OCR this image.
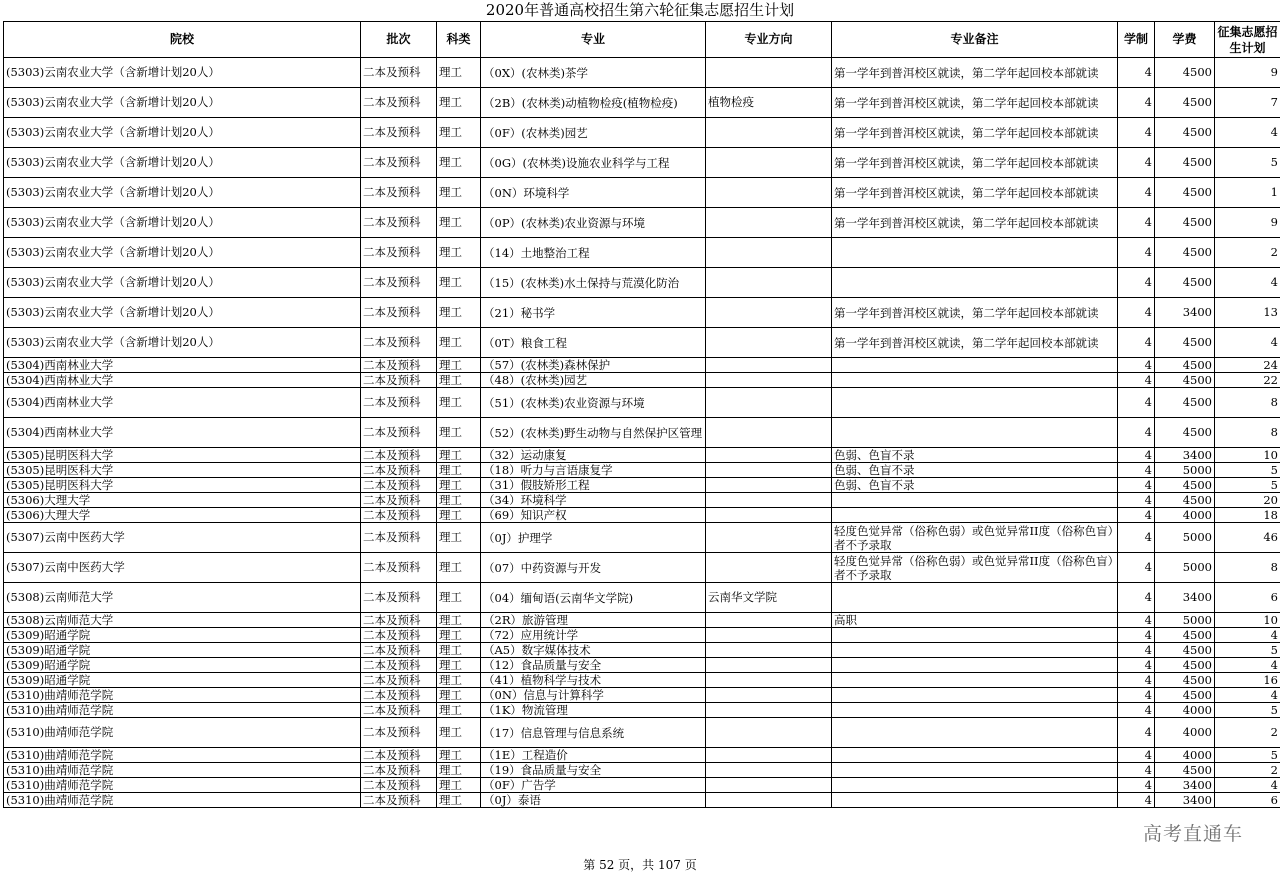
2020年普通高校招生第六轮征集志愿招生计划
院校	批次	科类	专业	专业方向	专业备注	学制	学费	征集志愿招生计划
(5303)云南农业大学（含新增计划20人）	二本及预科	理工	（0X）(农林类)茶学		第一学年到普洱校区就读，第二学年起回校本部就读	4	4500	9
(5303)云南农业大学（含新增计划20人）	二本及预科	理工	（2B）(农林类)动植物检疫(植物检疫)	植物检疫	第一学年到普洱校区就读，第二学年起回校本部就读	4	4500	7
(5303)云南农业大学（含新增计划20人）	二本及预科	理工	（0F）(农林类)园艺		第一学年到普洱校区就读，第二学年起回校本部就读	4	4500	4
(5303)云南农业大学（含新增计划20人）	二本及预科	理工	（0G）(农林类)设施农业科学与工程		第一学年到普洱校区就读，第二学年起回校本部就读	4	4500	5
(5303)云南农业大学（含新增计划20人）	二本及预科	理工	（0N）环境科学		第一学年到普洱校区就读，第二学年起回校本部就读	4	4500	1
(5303)云南农业大学（含新增计划20人）	二本及预科	理工	（0P）(农林类)农业资源与环境		第一学年到普洱校区就读，第二学年起回校本部就读	4	4500	9
(5303)云南农业大学（含新增计划20人）	二本及预科	理工	（14）土地整治工程			4	4500	2
(5303)云南农业大学（含新增计划20人）	二本及预科	理工	（15）(农林类)水土保持与荒漠化防治			4	4500	4
(5303)云南农业大学（含新增计划20人）	二本及预科	理工	（21）秘书学		第一学年到普洱校区就读，第二学年起回校本部就读	4	3400	13
(5303)云南农业大学（含新增计划20人）	二本及预科	理工	（0T）粮食工程		第一学年到普洱校区就读，第二学年起回校本部就读	4	4500	4
(5304)西南林业大学	二本及预科	理工	（57）(农林类)森林保护			4	4500	24
(5304)西南林业大学	二本及预科	理工	（48）(农林类)园艺			4	4500	22
(5304)西南林业大学	二本及预科	理工	（51）(农林类)农业资源与环境			4	4500	8
(5304)西南林业大学	二本及预科	理工	（52）(农林类)野生动物与自然保护区管理			4	4500	8
(5305)昆明医科大学	二本及预科	理工	（32）运动康复		色弱、色盲不录	4	3400	10
(5305)昆明医科大学	二本及预科	理工	（18）听力与言语康复学		色弱、色盲不录	4	5000	5
(5305)昆明医科大学	二本及预科	理工	（31）假肢矫形工程		色弱、色盲不录	4	4500	5
(5306)大理大学	二本及预科	理工	（34）环境科学			4	4500	20
(5306)大理大学	二本及预科	理工	（69）知识产权			4	4000	18
(5307)云南中医药大学	二本及预科	理工	（0J）护理学		轻度色觉异常（俗称色弱）或色觉异常II度（俗称色盲）者不予录取	4	5000	46
(5307)云南中医药大学	二本及预科	理工	（07）中药资源与开发		轻度色觉异常（俗称色弱）或色觉异常II度（俗称色盲）者不予录取	4	5000	8
(5308)云南师范大学	二本及预科	理工	（04）缅甸语(云南华文学院)	云南华文学院		4	3400	6
(5308)云南师范大学	二本及预科	理工	（2R）旅游管理		高职	4	5000	10
(5309)昭通学院	二本及预科	理工	（72）应用统计学			4	4500	4
(5309)昭通学院	二本及预科	理工	（A5）数字媒体技术			4	4500	5
(5309)昭通学院	二本及预科	理工	（12）食品质量与安全			4	4500	4
(5309)昭通学院	二本及预科	理工	（41）植物科学与技术			4	4500	16
(5310)曲靖师范学院	二本及预科	理工	（0N）信息与计算科学			4	4500	4
(5310)曲靖师范学院	二本及预科	理工	（1K）物流管理			4	4000	5
(5310)曲靖师范学院	二本及预科	理工	（17）信息管理与信息系统			4	4000	2
(5310)曲靖师范学院	二本及预科	理工	（1E）工程造价			4	4000	5
(5310)曲靖师范学院	二本及预科	理工	（19）食品质量与安全			4	4500	2
(5310)曲靖师范学院	二本及预科	理工	（0F）广告学			4	3400	4
(5310)曲靖师范学院	二本及预科	理工	（0J）泰语			4	3400	6
高考直通车
第 52 页，共 107 页
